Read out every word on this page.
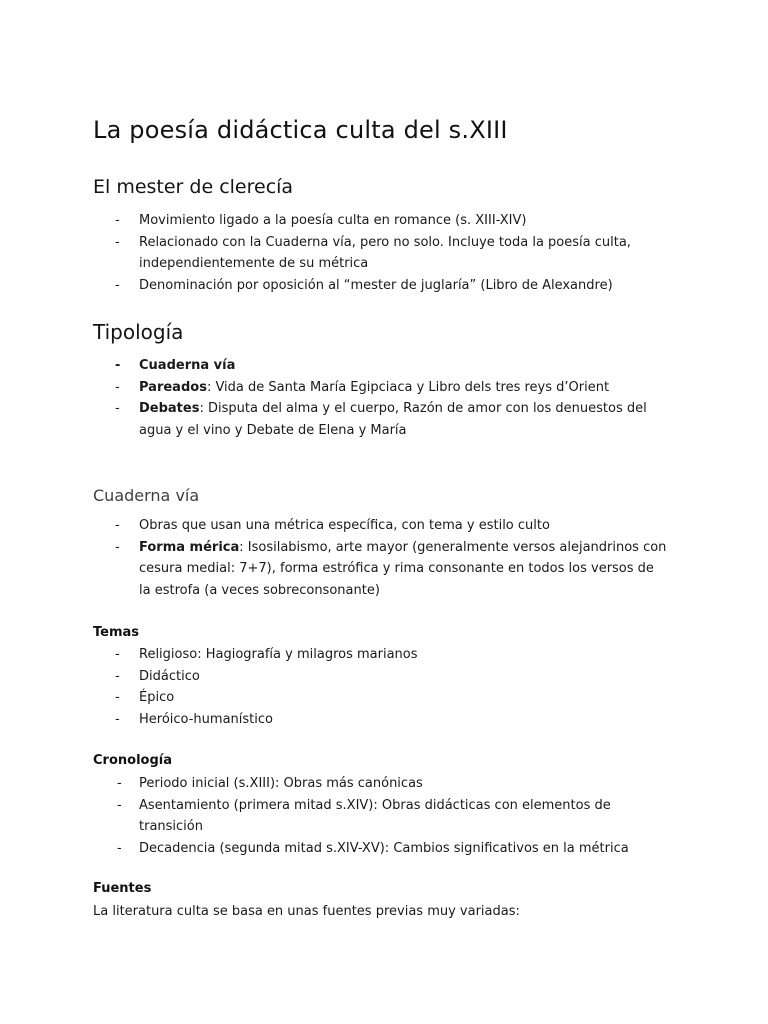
La poesía didáctica culta del s.XIII
El mester de clerecía
- Movimiento ligado a la poesía culta en romance (s. XIII-XIV)
- Relacionado con la Cuaderna vía, pero no solo. Incluye toda la poesía culta, independientemente de su métrica
- Denominación por oposición al “mester de juglaría” (Libro de Alexandre)
Tipología
- Cuaderna vía
- Pareados: Vida de Santa María Egipciaca y Libro dels tres reys d’Orient
- Debates: Disputa del alma y el cuerpo, Razón de amor con los denuestos del agua y el vino y Debate de Elena y María
Cuaderna vía
- Obras que usan una métrica específica, con tema y estilo culto
- Forma mérica: Isosilabismo, arte mayor (generalmente versos alejandrinos con cesura medial: 7+7), forma estrófica y rima consonante en todos los versos de la estrofa (a veces sobreconsonante)
Temas
- Religioso: Hagiografía y milagros marianos
- Didáctico
- Épico
- Heróico-humanístico
Cronología
- Periodo inicial (s.XIII): Obras más canónicas
- Asentamiento (primera mitad s.XIV): Obras didácticas con elementos de transición
- Decadencia (segunda mitad s.XIV-XV): Cambios significativos en la métrica
Fuentes
La literatura culta se basa en unas fuentes previas muy variadas:
